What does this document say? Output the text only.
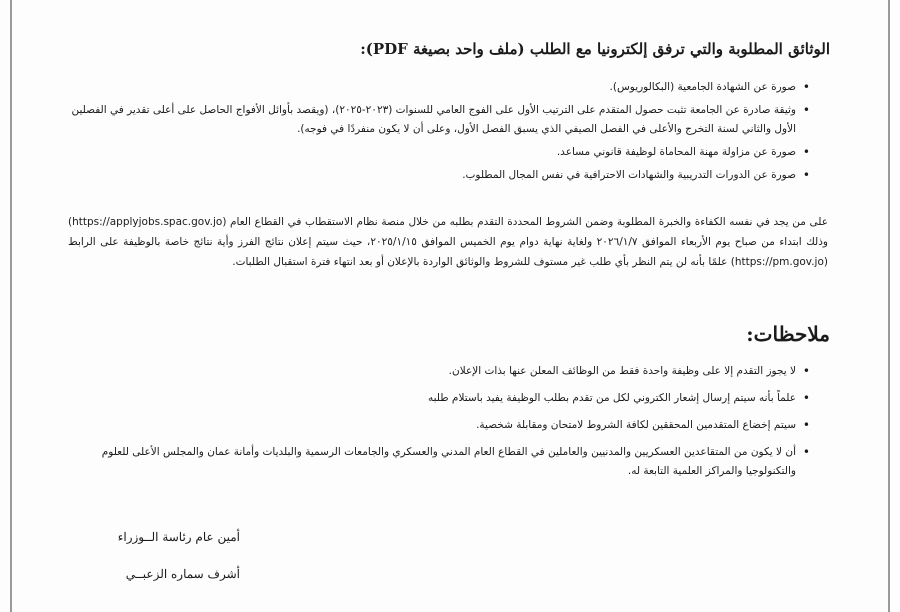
الوثائق المطلوبة والتي ترفق إلكترونيا مع الطلب (ملف واحد بصيغة PDF):
• صورة عن الشهادة الجامعية (البكالوريوس).
• وثيقة صادرة عن الجامعة تثبت حصول المتقدم على الترتيب الأول على الفوج العامي للسنوات (٢٠٢٣-٢٠٢٥)، (ويقصد بأوائل الأفواج الحاصل على أعلى تقدير في الفصلين الأول والثاني لسنة التخرج والأعلى في الفصل الصيفي الذي يسبق الفصل الأول، وعلى أن لا يكون منفردًا في فوجه).
• صورة عن مزاولة مهنة المحاماة لوظيفة قانوني مساعد.
• صورة عن الدورات التدريبية والشهادات الاحترافية في نفس المجال المطلوب.
على من يجد في نفسه الكفاءة والخبرة المطلوبة وضمن الشروط المحددة التقدم بطلبه من خلال منصة نظام الاستقطاب في القطاع العام (https://applyjobs.spac.gov.jo) وذلك ابتداء من صباح يوم الأربعاء الموافق ٢٠٢٦/١/٧ ولغاية نهاية دوام يوم الخميس الموافق ٢٠٢٥/١/١٥، حيث سيتم إعلان نتائج الفرز وأية نتائج خاصة بالوظيفة على الرابط (https://pm.gov.jo) علمًا بأنه لن يتم النظر بأي طلب غير مستوف للشروط والوثائق الواردة بالإعلان أو بعد انتهاء فترة استقبال الطلبات.
ملاحظات:
• لا يجوز التقدم إلا على وظيفة واحدة فقط من الوظائف المعلن عنها بذات الإعلان.
• علماً بأنه سيتم إرسال إشعار الكتروني لكل من تقدم بطلب الوظيفة يفيد باستلام طلبه
• سيتم إخضاع المتقدمين المحققين لكافة الشروط لامتحان ومقابلة شخصية.
• أن لا يكون من المتقاعدين العسكريين والمدنيين والعاملين في القطاع العام المدني والعسكري والجامعات الرسمية والبلديات وأمانة عمان والمجلس الأعلى للعلوم والتكنولوجيا والمراكز العلمية التابعة له.
أمين عام رئاسة الــوزراء
أشرف سماره الزعبــي
